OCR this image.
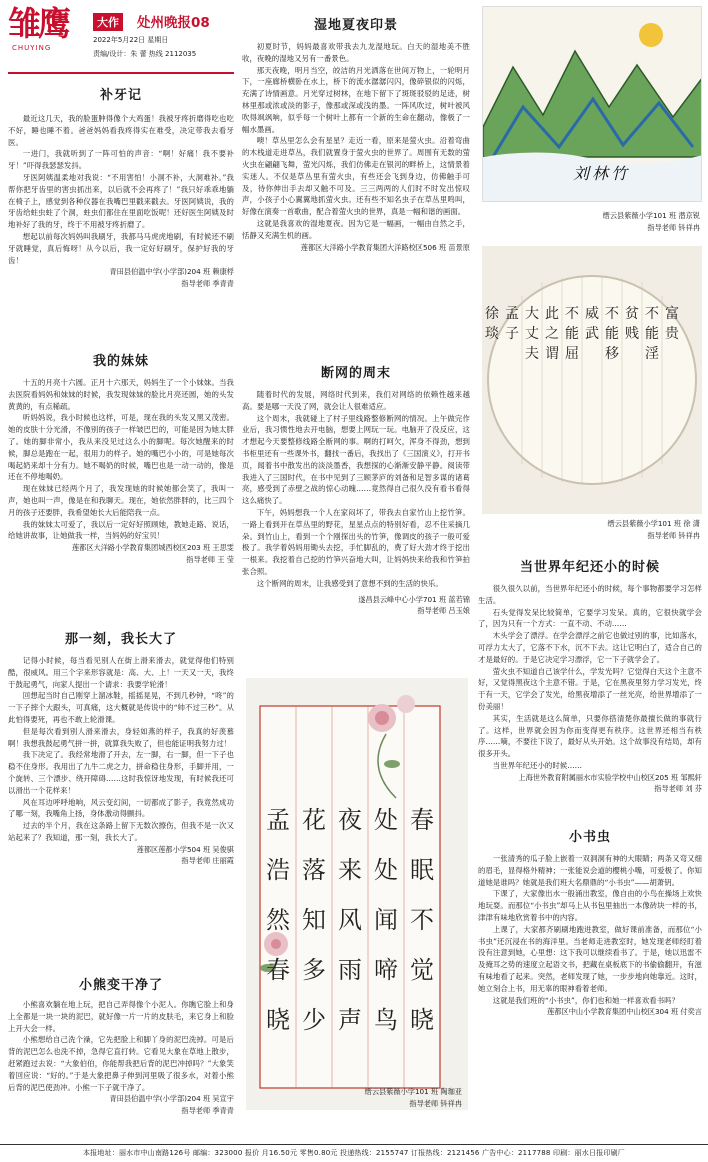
雏鹰
CHUYING
大作 处州晚报08
2022年5月22日 星期日
责编/设计：朱 蕾 热线 2112035
补牙记

最近这几天，我的脸蛋肿得像个大鸡蛋！我被牙疼折磨得吃也吃不好，睡也睡不着。爸爸妈妈看我疼得实在难受，决定带我去看牙医。

一进门，我就听到了一阵可怕的声音：“啊！好痛！我不要补牙！”吓得我瑟瑟发抖。

牙医阿姨温柔地对我说：“不用害怕！小洞不补，大洞难补。”我帮你把牙齿里的害虫抓出来，以后就不会再疼了！”我只好乖乖地躺在椅子上，感觉到各种仪器在我嘴巴里戳来戳去。牙医阿姨说，我的牙齿给蛀虫蛀了个洞，蛀虫们都住在里面吃饭呢！还好医生阿姨及时地补好了我的牙，终于不用被牙疼折磨了。

想起以前每次妈妈叫我刷牙，我都马马虎虎地刷，有时候还不刷牙就睡觉，真后悔呀！从今以后，我一定好好刷牙，保护好我的牙齿！

青田县伯温中学(小学部)204 班 赖康桴
指导老师 季青青
我的妹妹

十五的月亮十六圆。正月十六那天，妈妈生了一个小妹妹。当我去医院看妈妈和妹妹的时候，我发现妹妹的脸比月亮还圆，她的头发黄黄的，有点稀疏。

听妈妈说，我小时候也这样，可是，现在我的头发又黑又茂密。她的皮肤十分光滑，不像别的孩子一样皱巴巴的，可能是因为她太胖了。她的脚非常小，我从来没见过这么小的脚呢。每次她醒来的时候，脚总是跑在一起，很用力的样子。她的嘴巴小小的，可是她每次喝起奶来却十分有力。她不喝奶的时候，嘴巴也是一动一动的，像是还在不停地喝奶。

现在妹妹已经两个月了，我发现她的时候她都会笑了，我叫一声，她也叫一声，像是在和我聊天。现在，她依然胖胖的，比三四个月的孩子还要胖，我希望她长大后能陪我一点。

我的妹妹太可爱了，我以后一定好好照顾她，教她走路、说话，给她讲故事，让她做我一样，当妈妈的好宝贝！

莲都区大洋路小学教育集团城西校区203 班 王思雯
指导老师 王 莹
那一刻，我长大了

记得小时候，每当看见别人在街上滑来滑去，就觉得他们特别酷，很威风。用三个字来形容就是：高、大、上！一天又一天，我终于鼓起勇气，向家人提出一个请求：我要学轮滑！

回想起当时自己刚穿上溜冰鞋，摇摇晃晃，不到几秒钟，“咚”的一下子摔个大跟头，可真痛，这大概就是传说中的“帅不过三秒”。从此怕得要死，再也不敢上轮滑课。

但是每次看到别人滑来滑去，身轻如燕的样子，我真的好羡慕啊！我想我鼓起勇气拼一拼，就算我失败了，但也能证明我努力过！

我下决定了。我经常地滑了开去，左一脚，右一脚，但一下子也稳不住身形。我用出了九牛二虎之力，拼命稳住身形，手脚并用，一个旋转、三个漂步、绕开障碍……这时我惊讶地发现，有时候我还可以滑出一个花样来！

风在耳边呼呼地响，风云变幻间，一切都成了影子，我竟然成功了哪一刻，我嘴角上扬，身体激动得颤抖。

过去的半个月，我在这条路上留下无数次擦伤，但我不是一次又站起来了？我知道，那一刻，我长大了。

莲都区莲都小学504 班 吴俊骐
指导老师 庄丽霞
小熊变干净了

小熊喜欢躺在地上玩，把自己弄得像个小泥人。你瞧它脸上和身上全都是一块一块的泥巴，就好像一片一片的皮肤毛，来它身上和脸上开大会一样。

小熊想给自己洗个澡，它先把脸上和脚丫身的泥巴洗掉。可是后背的泥巴怎么也洗不掉，急得它直打转。它看见大象在草地上散步，赶紧跑过去说：“大象伯伯，你能帮我把后背的泥巴冲掉吗？”大象笑着回应说：“好的。”于是大象把鼻子伸到河里吸了很多水，对着小熊后背的泥巴使劲冲。小熊一下子就干净了。

青田县伯温中学(小学部)204 班 吴宣宇
指导老师 季青青
湿地夏夜印景

初夏时节，妈妈最喜欢带我去九龙湿地玩。白天的湿地美不胜收，夜晚的湿地又另有一番景色。

那天夜晚，明月当空，皎洁的月光洒落在世间万物上，一轮明月下，一座廊桥横卧在水上，桥下的流水潺潺闪闪，像碎银似的闪烁，充满了诗情画意。月光穿过树林，在地下留下了斑斑驳驳的足迹，树林里那或浓或淡的影子，像那或深或浅的墨。一阵风吹过，树叶被风吹得飒飒响，似乎每一个树叶上都有一个新的生命在翻动，像极了一幅水墨画。

噢！草丛里怎么会有星星？走近一看，原来是萤火虫。沿着弯曲的木栈道走进草丛，我们就置身于萤火虫的世界了。周围有无数的萤火虫在翩翩飞舞，萤光闪烁，我们仿佛走在银河的畔桥上，这情景着实迷人。不仅是草丛里有萤火虫，有些还会飞到身边，仿佛触手可及，待你伸出手去却又触不可及。三三两两的人们时不时发出惊叹声，小孩子小心翼翼地抓萤火虫。还有些不知名虫子在草丛里鸣叫，好像在演奏一首歌曲，配合着萤火虫的世界，真是一幅和谐的画面。

这就是我喜欢的湿地夏夜。因为它是一幅画，一幅由自然之手，恬静又充满生机的画。

莲都区大洋路小学教育集团大洋路校区506 班 苗景原
断网的周末

随着时代的发展，网络时代到来，我们对网络的依赖性越来越高。要是哪一天没了网，就会让人很难适应。

这个周末，我就碰上了村子里线路整修断网的情况。上午做完作业后，我习惯性地去开电脑，想要上网玩一玩。电脑开了没反应，这才想起今天要整修线路全断网的事。啊的打呵欠，浑身不得劲，想到书柜里还有一些课外书，翻找一番后，我找出了《三国演义》，打开书页，闻着书中散发出的淡淡墨香，我想探的心渐渐安静平静。阅读带我进入了三国时代，在书中见到了三顾茅庐的刘备和足智多谋的诸葛亮，感受到了赤壁之战的惊心动魄……竟然得自己很久没有看书看得这么痛快了。

下午，妈妈想我一个人在家闷坏了，带我去自家竹山上挖竹笋。一路上看到开在草丛里的野花，星星点点的特别好看，忍不住采摘几朵。到竹山上，看到一个个刚探出头的竹笋，像调皮的孩子一般可爱极了。我学着妈妈用锄头去挖，手忙脚乱的，费了好大劲才终于挖出一根来。我挖着自己挖的竹笋兴奋地大叫，让妈妈快来给我和竹笋拍张合照。

这个断网的周末，让我感受到了意想不到的生活的快乐。

遂昌县云峰中心小学701 班 蓝若锦
指导老师 吕玉娘
春
眠
不
觉
晓
处
处
闻
啼
鸟
夜
来
风
雨
声
花
落
知
多
少
孟
浩
然
春
晓
缙云县紫薇小学101 班 陶珈亚
指导老师 钭祥冉
刘林竹
缙云县紫薇小学101 班 潜京锐
指导老师 钭祥冉
富
贵
不
能
淫
贫
贱
不
能
移
威
武
不
能
屈
此
之
谓
大
丈
夫
孟
子
徐
琰
缙云县紫薇小学101 班 徐 潇
指导老师 钭祥冉
当世界年纪还小的时候

很久很久以前，当世界年纪还小的时候，每个事物都要学习怎样生活。

石头觉得发呆比较简单，它要学习发呆。真的，它很快就学会了，因为只有一个方式：一直不动、不动……

木头学会了漂浮。在学会漂浮之前它也做过别的事，比如落水，可浮力太大了，它落不下水，沉不下去。这让它明白了，适合自己的才是最好的。于是它决定学习漂浮，它一下子就学会了。

萤火虫不知道自己该学什么，学发光吗？它觉得白天这个主意不好，又觉得黑夜这个主意不错。于是，它在黑夜里努力学习发光，终于有一天，它学会了发光，给黑夜增添了一丝光亮，给世界增添了一份美丽！

其实，生活就是这么简单，只要你搭清楚你最擅长做的事就行了。这样，世界就会因为你而变得更有秩序。这世界还相当有秩序……嘀，不要往下说了，最好从头开始。这个故事没有结局，却有很多开头。

当世界年纪还小的时候……

上海世外教育附属丽水市实验学校中山校区205 班 邹熙轩
指导老师 刘 芬
小书虫

一张清秀的瓜子脸上嵌着一双洞洞有神的大眼睛；两条又弯又细的眉毛，显得格外精神；一张能说会道的樱桃小嘴，可爱极了。你知道她是谁吗？她就是我们班大名鼎鼎的“小书虫”——胡萧钥。

下课了，大家像出水一般涌出教室，像自由的小鸟在操场上欢快地玩耍。而那位“小书虫”却马上从书包里抽出一本像砖块一样的书，津津有味地欣赏着书中的内容。

上课了，大家都齐刷刷地跑进教室，做好课前准备，而那位“小书虫”还沉浸在书的海洋里。当老师走进教室时，她发现老师经盯着没有注意到她，心里想：这下我可以继续看书了。于是，她以迅雷不及掩耳之势的速度立起语文书，把藏在桌板底下的书偷偷翻开，有滋有味地看了起来。突然，老师发现了她，一步步地向她靠近。这时，她立刻合上书，用无辜的眼神看着老师。

这就是我们班的“小书虫”，你们也和她一样喜欢看书吗？

莲都区中山小学教育集团中山校区304 班 付奕言
本报地址：丽水市中山南路126号 邮编：323000 报价 月16.50元 零售0.80元 投递热线：2155747 订报热线：2121456 广告中心：2117788 印刷：丽水日报印刷厂
